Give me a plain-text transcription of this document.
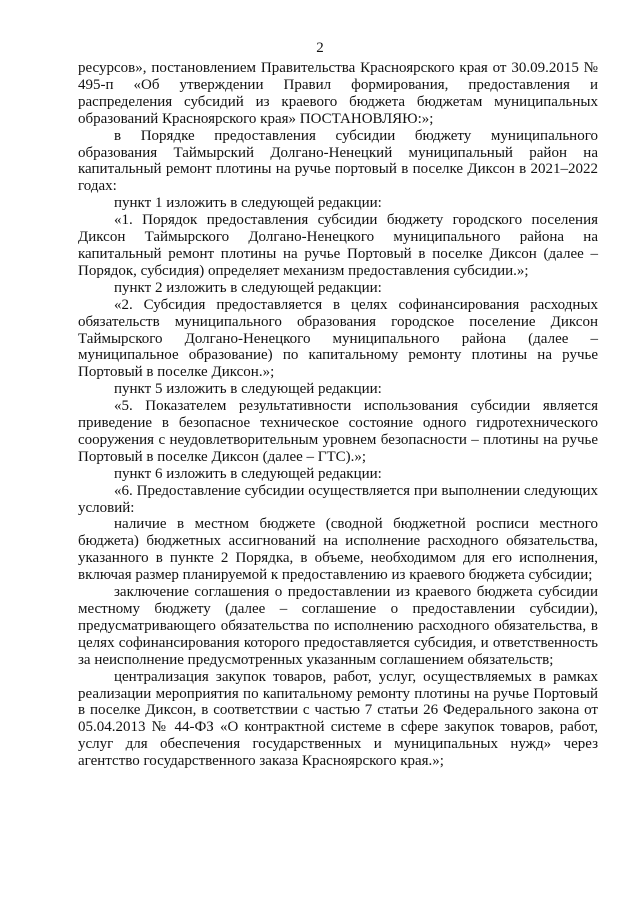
2

ресурсов», постановлением Правительства Красноярского края от 30.09.2015 № 495-п «Об утверждении Правил формирования, предоставления и распределения субсидий из краевого бюджета бюджетам муниципальных образований Красноярского края» ПОСТАНОВЛЯЮ:»;

в Порядке предоставления субсидии бюджету муниципального образования Таймырский Долгано-Ненецкий муниципальный район на капитальный ремонт плотины на ручье портовый в поселке Диксон в 2021–2022 годах:

пункт 1 изложить в следующей редакции:

«1. Порядок предоставления субсидии бюджету городского поселения Диксон Таймырского Долгано-Ненецкого муниципального района на капитальный ремонт плотины на ручье Портовый в поселке Диксон (далее – Порядок, субсидия) определяет механизм предоставления субсидии.»;

пункт 2 изложить в следующей редакции:

«2. Субсидия предоставляется в целях софинансирования расходных обязательств муниципального образования городское поселение Диксон Таймырского Долгано-Ненецкого муниципального района (далее – муниципальное образование) по капитальному ремонту плотины на ручье Портовый в поселке Диксон.»;

пункт 5 изложить в следующей редакции:

«5. Показателем результативности использования субсидии является приведение в безопасное техническое состояние одного гидротехнического сооружения с неудовлетворительным уровнем безопасности – плотины на ручье Портовый в поселке Диксон (далее – ГТС).»;

пункт 6 изложить в следующей редакции:

«6. Предоставление субсидии осуществляется при выполнении следующих условий:

наличие в местном бюджете (сводной бюджетной росписи местного бюджета) бюджетных ассигнований на исполнение расходного обязательства, указанного в пункте 2 Порядка, в объеме, необходимом для его исполнения, включая размер планируемой к предоставлению из краевого бюджета субсидии;

заключение соглашения о предоставлении из краевого бюджета субсидии местному бюджету (далее – соглашение о предоставлении субсидии), предусматривающего обязательства по исполнению расходного обязательства, в целях софинансирования которого предоставляется субсидия, и ответственность за неисполнение предусмотренных указанным соглашением обязательств;

централизация закупок товаров, работ, услуг, осуществляемых в рамках реализации мероприятия по капитальному ремонту плотины на ручье Портовый в поселке Диксон, в соответствии с частью 7 статьи 26 Федерального закона от 05.04.2013 № 44-ФЗ «О контрактной системе в сфере закупок товаров, работ, услуг для обеспечения государственных и муниципальных нужд» через агентство государственного заказа Красноярского края.»;
